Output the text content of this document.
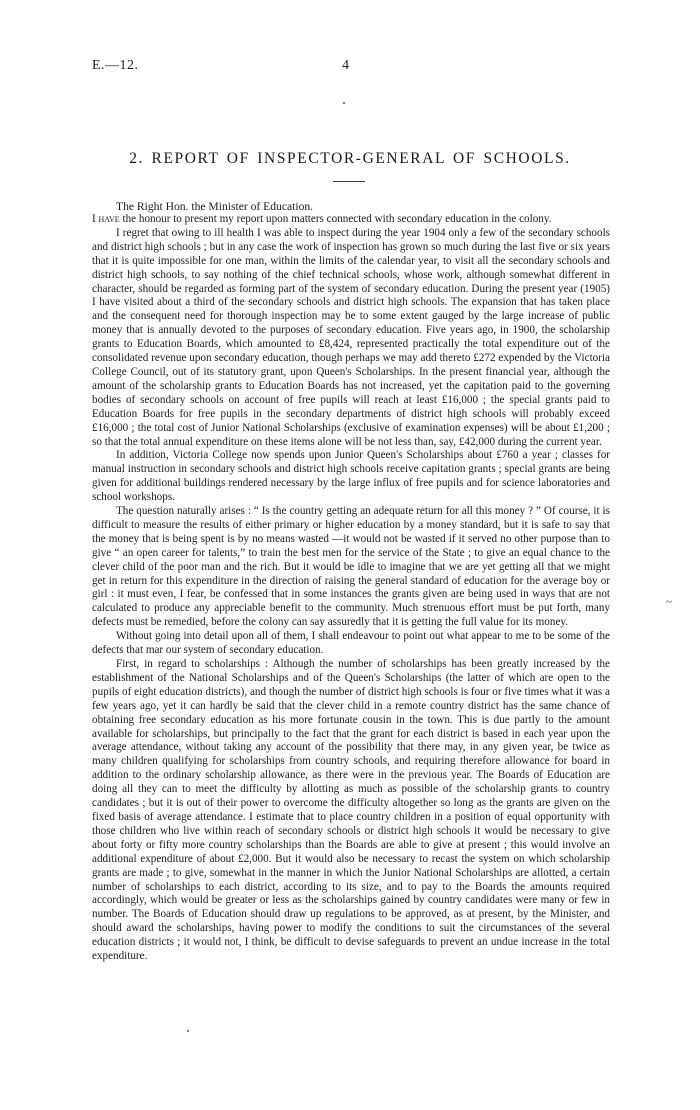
E.—12.	4
2. REPORT OF INSPECTOR-GENERAL OF SCHOOLS.
The Right Hon. the Minister of Education.

I have the honour to present my report upon matters connected with secondary education in the colony.

I regret that owing to ill health I was able to inspect during the year 1904 only a few of the secondary schools and district high schools ; but in any case the work of inspection has grown so much during the last five or six years that it is quite impossible for one man, within the limits of the calendar year, to visit all the secondary schools and district high schools, to say nothing of the chief technical schools, whose work, although somewhat different in character, should be regarded as forming part of the system of secondary education. During the present year (1905) I have visited about a third of the secondary schools and district high schools. The expansion that has taken place and the consequent need for thorough inspection may be to some extent gauged by the large increase of public money that is annually devoted to the purposes of secondary education. Five years ago, in 1900, the scholarship grants to Education Boards, which amounted to £8,424, represented practically the total expenditure out of the consolidated revenue upon secondary education, though perhaps we may add thereto £272 expended by the Victoria College Council, out of its statutory grant, upon Queen's Scholarships. In the present financial year, although the amount of the scholarship grants to Education Boards has not increased, yet the capitation paid to the governing bodies of secondary schools on account of free pupils will reach at least £16,000 ; the special grants paid to Education Boards for free pupils in the secondary departments of district high schools will probably exceed £16,000 ; the total cost of Junior National Scholarships (exclusive of examination expenses) will be about £1,200 ; so that the total annual expenditure on these items alone will be not less than, say, £42,000 during the current year.

In addition, Victoria College now spends upon Junior Queen's Scholarships about £760 a year ; classes for manual instruction in secondary schools and district high schools receive capitation grants ; special grants are being given for additional buildings rendered necessary by the large influx of free pupils and for science laboratories and school workshops.

The question naturally arises : “ Is the country getting an adequate return for all this money ? ” Of course, it is difficult to measure the results of either primary or higher education by a money standard, but it is safe to say that the money that is being spent is by no means wasted —it would not be wasted if it served no other purpose than to give “ an open career for talents,” to train the best men for the service of the State ; to give an equal chance to the clever child of the poor man and the rich. But it would be idle to imagine that we are yet getting all that we might get in return for this expenditure in the direction of raising the general standard of education for the average boy or girl : it must even, I fear, be confessed that in some instances the grants given are being used in ways that are not calculated to produce any appreciable benefit to the community. Much strenuous effort must be put forth, many defects must be remedied, before the colony can say assuredly that it is getting the full value for its money.

Without going into detail upon all of them, I shall endeavour to point out what appear to me to be some of the defects that mar our system of secondary education.

First, in regard to scholarships : Although the number of scholarships has been greatly increased by the establishment of the National Scholarships and of the Queen's Scholarships (the latter of which are open to the pupils of eight education districts), and though the number of district high schools is four or five times what it was a few years ago, yet it can hardly be said that the clever child in a remote country district has the same chance of obtaining free secondary education as his more fortunate cousin in the town. This is due partly to the amount available for scholarships, but principally to the fact that the grant for each district is based in each year upon the average attendance, without taking any account of the possibility that there may, in any given year, be twice as many children qualifying for scholarships from country schools, and requiring therefore allowance for board in addition to the ordinary scholarship allowance, as there were in the previous year. The Boards of Education are doing all they can to meet the difficulty by allotting as much as possible of the scholarship grants to country candidates ; but it is out of their power to overcome the difficulty altogether so long as the grants are given on the fixed basis of average attendance. I estimate that to place country children in a position of equal opportunity with those children who live within reach of secondary schools or district high schools it would be necessary to give about forty or fifty more country scholarships than the Boards are able to give at present ; this would involve an additional expenditure of about £2,000. But it would also be necessary to recast the system on which scholarship grants are made ; to give, somewhat in the manner in which the Junior National Scholarships are allotted, a certain number of scholarships to each district, according to its size, and to pay to the Boards the amounts required accordingly, which would be greater or less as the scholarships gained by country candidates were many or few in number. The Boards of Education should draw up regulations to be approved, as at present, by the Minister, and should award the scholarships, having power to modify the conditions to suit the circumstances of the several education districts ; it would not, I think, be difficult to devise safeguards to prevent an undue increase in the total expenditure.

~
